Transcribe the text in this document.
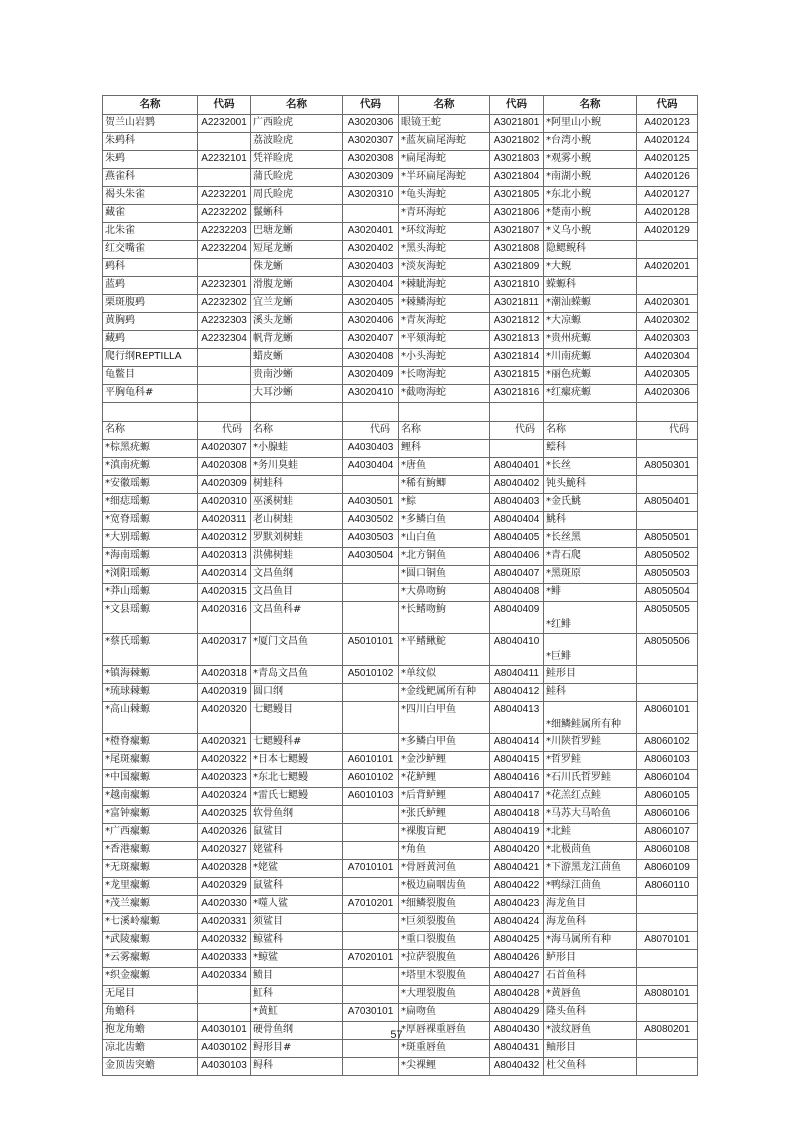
名称	代码	名称	代码	名称	代码	名称	代码
贺兰山岩鹨	A2232001	广西睑虎	A3020306	眼镜王蛇	A3021801	*阿里山小鲵	A4020123
朱鹀科		荔波睑虎	A3020307	*蓝灰扁尾海蛇	A3021802	*台湾小鲵	A4020124
朱鹀	A2232101	凭祥睑虎	A3020308	*扁尾海蛇	A3021803	*观雾小鲵	A4020125
燕雀科		蒲氏睑虎	A3020309	*半环扁尾海蛇	A3021804	*南湖小鲵	A4020126
褐头朱雀	A2232201	周氏睑虎	A3020310	*龟头海蛇	A3021805	*东北小鲵	A4020127
藏雀	A2232202	鬣蜥科		*青环海蛇	A3021806	*楚南小鲵	A4020128
北朱雀	A2232203	巴塘龙蜥	A3020401	*环纹海蛇	A3021807	*义乌小鲵	A4020129
红交嘴雀	A2232204	短尾龙蜥	A3020402	*黑头海蛇	A3021808	隐鳃鲵科	
鹀科		侏龙蜥	A3020403	*淡灰海蛇	A3021809	*大鲵	A4020201
蓝鹀	A2232301	滑腹龙蜥	A3020404	*棘眦海蛇	A3021810	蝾螈科	
栗斑腹鹀	A2232302	宜兰龙蜥	A3020405	*棘鳞海蛇	A3021811	*潮汕蝾螈	A4020301
黄胸鹀	A2232303	溪头龙蜥	A3020406	*青灰海蛇	A3021812	*大凉螈	A4020302
藏鹀	A2232304	帆背龙蜥	A3020407	*平颏海蛇	A3021813	*贵州疣螈	A4020303
爬行纲REPTILLA		蜡皮蜥	A3020408	*小头海蛇	A3021814	*川南疣螈	A4020304
龟鳖目		贵南沙蜥	A3020409	*长吻海蛇	A3021815	*丽色疣螈	A4020305
平胸龟科#		大耳沙蜥	A3020410	*截吻海蛇	A3021816	*红瘰疣螈	A4020306

名称	代码	名称	代码	名称	代码	名称	代码
*棕黑疣螈	A4020307	*小腺蛙	A4030403	鲤科		鲿科	
*滇南疣螈	A4020308	*务川臭蛙	A4030404	*唐鱼	A8040401	*长丝	A8050301
*安徽瑶螈	A4020309	树蛙科		*稀有鮈鲫	A8040402	钝头鮠科	
*细痣瑶螈	A4020310	巫溪树蛙	A4030501	*鯮	A8040403	*金氏鮡	A8050401
*宽脊瑶螈	A4020311	老山树蛙	A4030502	*多鳞白鱼	A8040404	鮡科	
*大别瑶螈	A4020312	罗默刘树蛙	A4030503	*山白鱼	A8040405	*长丝黑	A8050501
*海南瑶螈	A4020313	洪佛树蛙	A4030504	*北方铜鱼	A8040406	*青石爬	A8050502
*浏阳瑶螈	A4020314	文昌鱼纲		*圆口铜鱼	A8040407	*黑斑原	A8050503
*莽山瑶螈	A4020315	文昌鱼目		*大鼻吻鮈	A8040408	*鲱	A8050504
*文县瑶螈	A4020316	文昌鱼科#		*长鳍吻鮈	A8040409	*红鲱	A8050505
*蔡氏瑶螈	A4020317	*厦门文昌鱼	A5010101	*平鳍鳅鮀	A8040410	*巨鲱	A8050506
*镇海棘螈	A4020318	*青岛文昌鱼	A5010102	*单纹似	A8040411	鲑形目	
*琉球棘螈	A4020319	圆口纲		*金线鲃属所有种	A8040412	鲑科	
*高山棘螈	A4020320	七鳃鳗目		*四川白甲鱼	A8040413	*细鳞鲑属所有种	A8060101
*橙脊瘰螈	A4020321	七鳃鳗科#		*多鳞白甲鱼	A8040414	*川陕哲罗鲑	A8060102
*尾斑瘰螈	A4020322	*日本七鳃鳗	A6010101	*金沙鲈鲤	A8040415	*哲罗鲑	A8060103
*中国瘰螈	A4020323	*东北七鳃鳗	A6010102	*花鲈鲤	A8040416	*石川氏哲罗鲑	A8060104
*越南瘰螈	A4020324	*雷氏七鳃鳗	A6010103	*后背鲈鲤	A8040417	*花羔红点鲑	A8060105
*富钟瘰螈	A4020325	软骨鱼纲		*张氏鲈鲤	A8040418	*马苏大马哈鱼	A8060106
*广西瘰螈	A4020326	鼠鲨目		*裸腹盲鲃	A8040419	*北鲑	A8060107
*香港瘰螈	A4020327	姥鲨科		*角鱼	A8040420	*北极茴鱼	A8060108
*无斑瘰螈	A4020328	*姥鲨	A7010101	*骨唇黄河鱼	A8040421	*下游黑龙江茴鱼	A8060109
*龙里瘰螈	A4020329	鼠鲨科		*极边扁咽齿鱼	A8040422	*鸭绿江茴鱼	A8060110
*茂兰瘰螈	A4020330	*噬人鲨	A7010201	*细鳞裂腹鱼	A8040423	海龙鱼目	
*七溪岭瘰螈	A4020331	须鲨目		*巨须裂腹鱼	A8040424	海龙鱼科	
*武陵瘰螈	A4020332	鲸鲨科		*重口裂腹鱼	A8040425	*海马属所有种	A8070101
*云雾瘰螈	A4020333	*鲸鲨	A7020101	*拉萨裂腹鱼	A8040426	鲈形目	
*织金瘰螈	A4020334	鲼目		*塔里木裂腹鱼	A8040427	石首鱼科	
无尾目		魟科		*大理裂腹鱼	A8040428	*黄唇鱼	A8080101
角蟾科		*黄魟	A7030101	*扁吻鱼	A8040429	隆头鱼科	
抱龙角蟾	A4030101	硬骨鱼纲		*厚唇裸重唇鱼	A8040430	*波纹唇鱼	A8080201
凉北齿蟾	A4030102	鲟形目#		*斑重唇鱼	A8040431	鲉形目	
金顶齿突蟾	A4030103	鲟科		*尖裸鲤	A8040432	杜父鱼科	
57
